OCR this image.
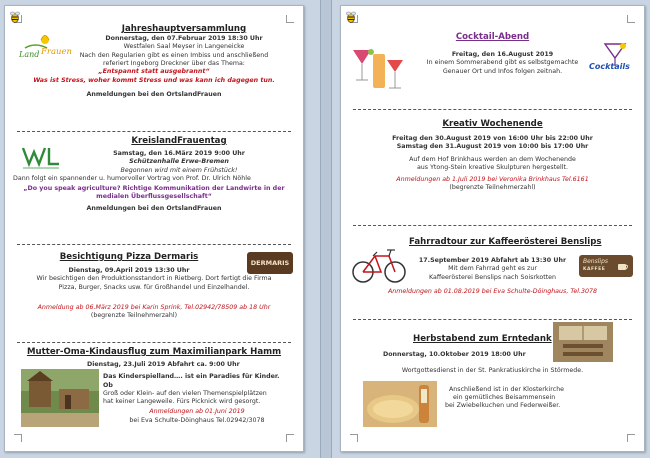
Jahreshauptversammlung
Donnerstag, den 07.Februar 2019 18:30 Uhr
Westfalen Saal Meyser in Langeneicke
Nach den Regularien gibt es einen Imbiss und anschließend
referiert Ingeborg Dreckner über das Thema:
„Entspannt statt ausgebrannt“
Was ist Stress, woher kommt Stress und was kann ich dagegen tun.
Anmeldungen bei den OrtslandFrauen
Land Frauen
KreislandFrauentag
Samstag, den 16.März 2019 9:00 Uhr
Schützenhalle Erwe-Bremen
Begonnen wird mit einem Frühstück!
Dann folgt ein spannender u. humorvoller Vortrag von Prof. Dr. Ulrich Nöhle
„Do you speak agriculture? Richtige Kommunikation der Landwirte in der
medialen Überflussgesellschaft“
Anmeldungen bei den OrtslandFrauen
Besichtigung Pizza Dermaris
Dienstag, 09.April 2019 13:30 Uhr
Wir besichtigen den Produktionsstandort in Rietberg. Dort fertigt die Firma
Pizza, Burger, Snacks usw. für Großhandel und Einzelhandel.
Anmeldung ab 06.März 2019 bei Karin Sprink, Tel.02942/78509 ab 18 Uhr
(begrenzte Teilnehmerzahl)
DERMARIS
Mutter-Oma-Kindausflug zum Maximilianpark Hamm
Dienstag, 23.Juli 2019 Abfahrt ca. 9:00 Uhr
Das Kinderspielland…. ist ein Paradies für Kinder. Ob
Groß oder Klein- auf den vielen Themenspielplätzen
hat keiner Langeweile. Fürs Picknick wird gesorgt.
Anmeldungen ab 01.Juni 2019
bei Eva Schulte-Döinghaus Tel.02942/3078
Cocktail-Abend
Freitag, den 16.August 2019
In einem Sommerabend gibt es selbstgemachte
Genauer Ort und Infos folgen zeitnah.
Cocktails
Kreativ Wochenende
Freitag den 30.August 2019 von 16:00 Uhr bis 22:00 Uhr
Samstag den 31.August 2019 von 10:00 bis 17:00 Uhr
Auf dem Hof Brinkhaus werden an dem Wochenende
aus Ytong-Stein kreative Skulpturen hergestellt.
Anmeldungen ab 1.Juli 2019 bei Veronika Brinkhaus Tel.6161
(begrenzte Teilnehmerzahl)
Fahrradtour zur Kaffeerösterei Benslips
17.September 2019 Abfahrt ab 13:30 Uhr
Mit dem Fahrrad geht es zur
Kaffeerösterei Benslips nach Soisrkotten
Anmeldungen ab 01.08.2019 bei Eva Schulte-Döinghaus, Tel.3078
Benslips
KAFFEE
Herbstabend zum Erntedank
Donnerstag, 10.Oktober 2019 18:00 Uhr
Wortgottesdienst in der St. Pankratiuskirche in Störmede.
Anschließend ist in der Klosterkirche
ein gemütliches Beisammensein
bei Zwiebelkuchen und Federweißer.
